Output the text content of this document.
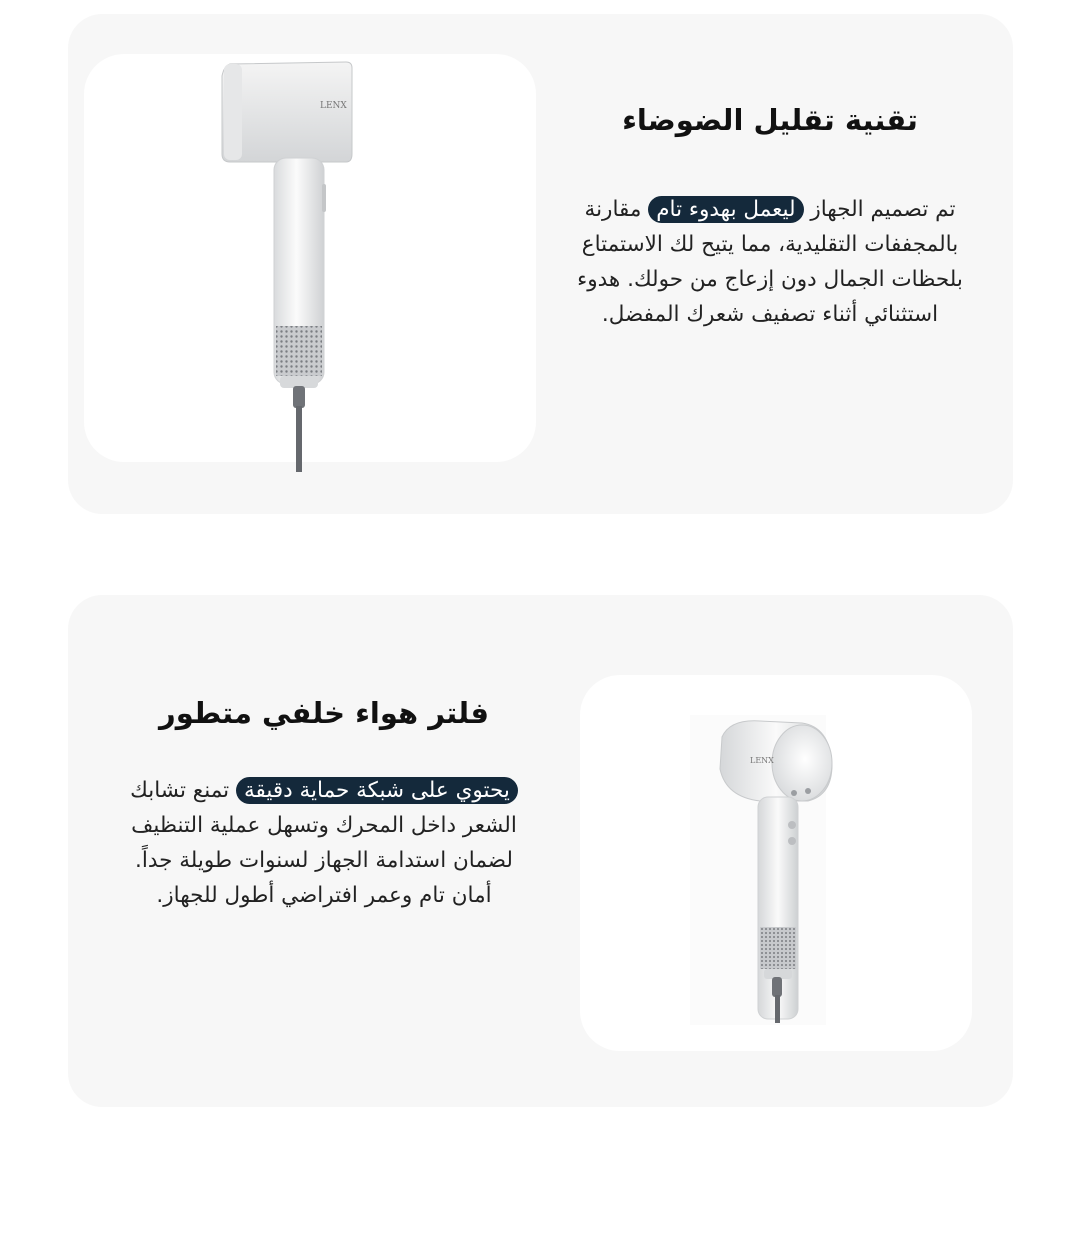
LENX	تقنية تقليل الضوضاء

تم تصميم الجهاز ليعمل بهدوء تام مقارنة بالمجففات التقليدية، مما يتيح لك الاستمتاع بلحظات الجمال دون إزعاج من حولك. هدوء استثنائي أثناء تصفيف شعرك المفضل.

فلتر هواء خلفي متطور

يحتوي على شبكة حماية دقيقة تمنع تشابك الشعر داخل المحرك وتسهل عملية التنظيف لضمان استدامة الجهاز لسنوات طويلة جداً. أمان تام وعمر افتراضي أطول للجهاز.

LENX
